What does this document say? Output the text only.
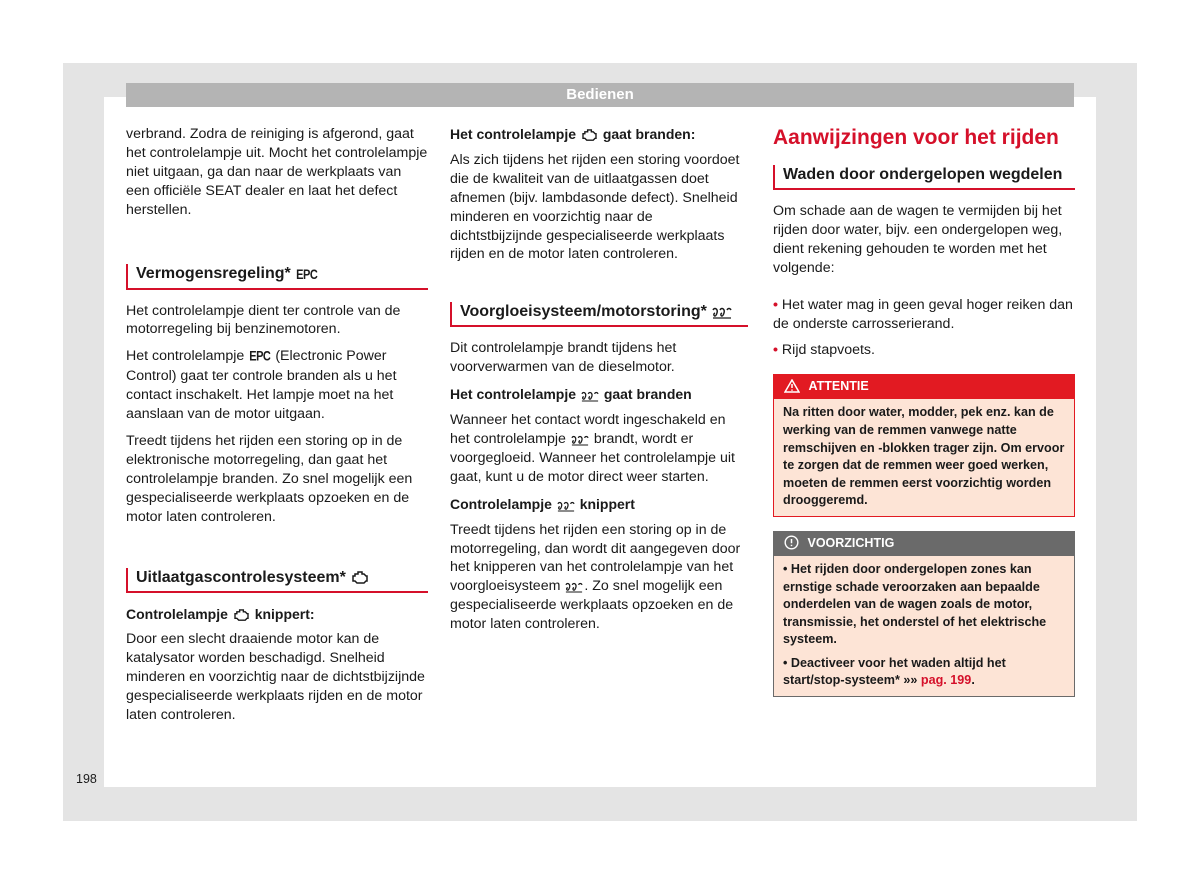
Bedienen

verbrand. Zodra de reiniging is afgerond, gaat het controlelampje uit. Mocht het controlelampje niet uitgaan, ga dan naar de werkplaats van een officiële SEAT dealer en laat het defect herstellen.

Vermogensregeling* EPC

Het controlelampje dient ter controle van de motorregeling bij benzinemotoren.

Het controlelampje EPC (Electronic Power Control) gaat ter controle branden als u het contact inschakelt. Het lampje moet na het aanslaan van de motor uitgaan.

Treedt tijdens het rijden een storing op in de elektronische motorregeling, dan gaat het controlelampje branden. Zo snel mogelijk een gespecialiseerde werkplaats opzoeken en de motor laten controleren.

Uitlaatgascontrolesysteem*
Controlelampje knippert:

Door een slecht draaiende motor kan de katalysator worden beschadigd. Snelheid minderen en voorzichtig naar de dichtstbijzijnde gespecialiseerde werkplaats rijden en de motor laten controleren.

Het controlelampje gaat branden:

Als zich tijdens het rijden een storing voordoet die de kwaliteit van de uitlaatgassen doet afnemen (bijv. lambdasonde defect). Snelheid minderen en voorzichtig naar de dichtstbijzijnde gespecialiseerde werkplaats rijden en de motor laten controleren.

Voorgloeisysteem/motorstoring*

Dit controlelampje brandt tijdens het voorverwarmen van de dieselmotor.

Het controlelampje gaat branden

Wanneer het contact wordt ingeschakeld en het controlelampje brandt, wordt er voorgegloeid. Wanneer het controlelampje uit gaat, kunt u de motor direct weer starten.

Controlelampje knippert

Treedt tijdens het rijden een storing op in de motorregeling, dan wordt dit aangegeven door het knipperen van het controlelampje van het voorgloeisysteem . Zo snel mogelijk een gespecialiseerde werkplaats opzoeken en de motor laten controleren.

Aanwijzingen voor het rijden
Waden door ondergelopen wegdelen

Om schade aan de wagen te vermijden bij het rijden door water, bijv. een ondergelopen weg, dient rekening gehouden te worden met het volgende:

• Het water mag in geen geval hoger reiken dan de onderste carrosserierand.

• Rijd stapvoets.

ATTENTIE

Na ritten door water, modder, pek enz. kan de werking van de remmen vanwege natte remschijven en -blokken trager zijn. Om ervoor te zorgen dat de remmen weer goed werken, moeten de remmen eerst voorzichtig worden drooggeremd.

VOORZICHTIG

• Het rijden door ondergelopen zones kan ernstige schade veroorzaken aan bepaalde onderdelen van de wagen zoals de motor, transmissie, het onderstel of het elektrische systeem.

• Deactiveer voor het waden altijd het start/stop-systeem* »» pag. 199.

198
